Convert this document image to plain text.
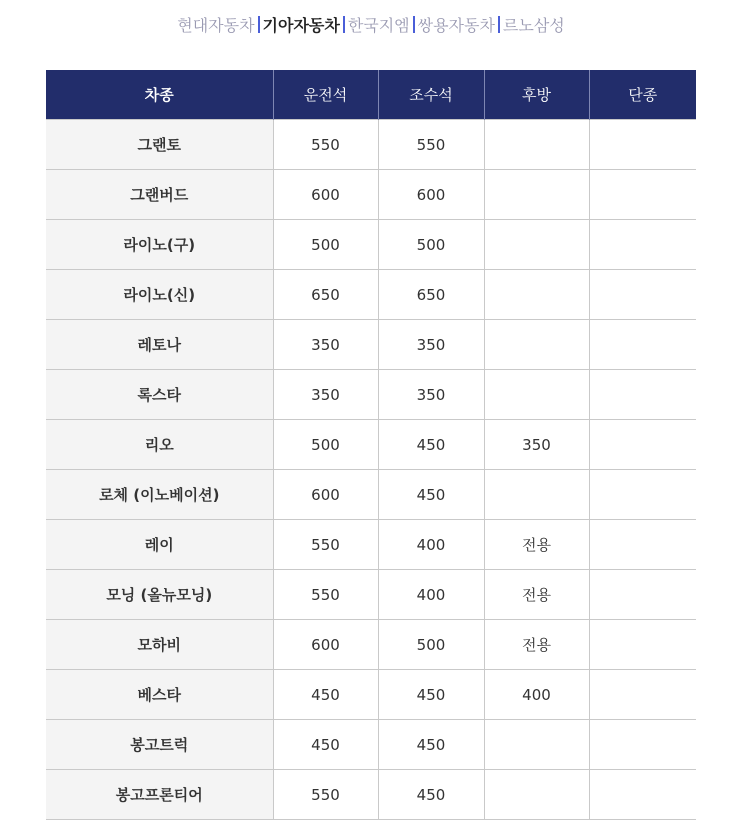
현대자동차 기아자동차 한국지엠 쌍용자동차 르노삼성
차종	운전석	조수석	후방	단종
그랜토	550	550		
그랜버드	600	600		
라이노(구)	500	500		
라이노(신)	650	650		
레토나	350	350		
록스타	350	350		
리오	500	450	350	
로체 (이노베이션)	600	450		
레이	550	400	전용	
모닝 (올뉴모닝)	550	400	전용	
모하비	600	500	전용	
베스타	450	450	400	
봉고트럭	450	450		
봉고프론티어	550	450		
